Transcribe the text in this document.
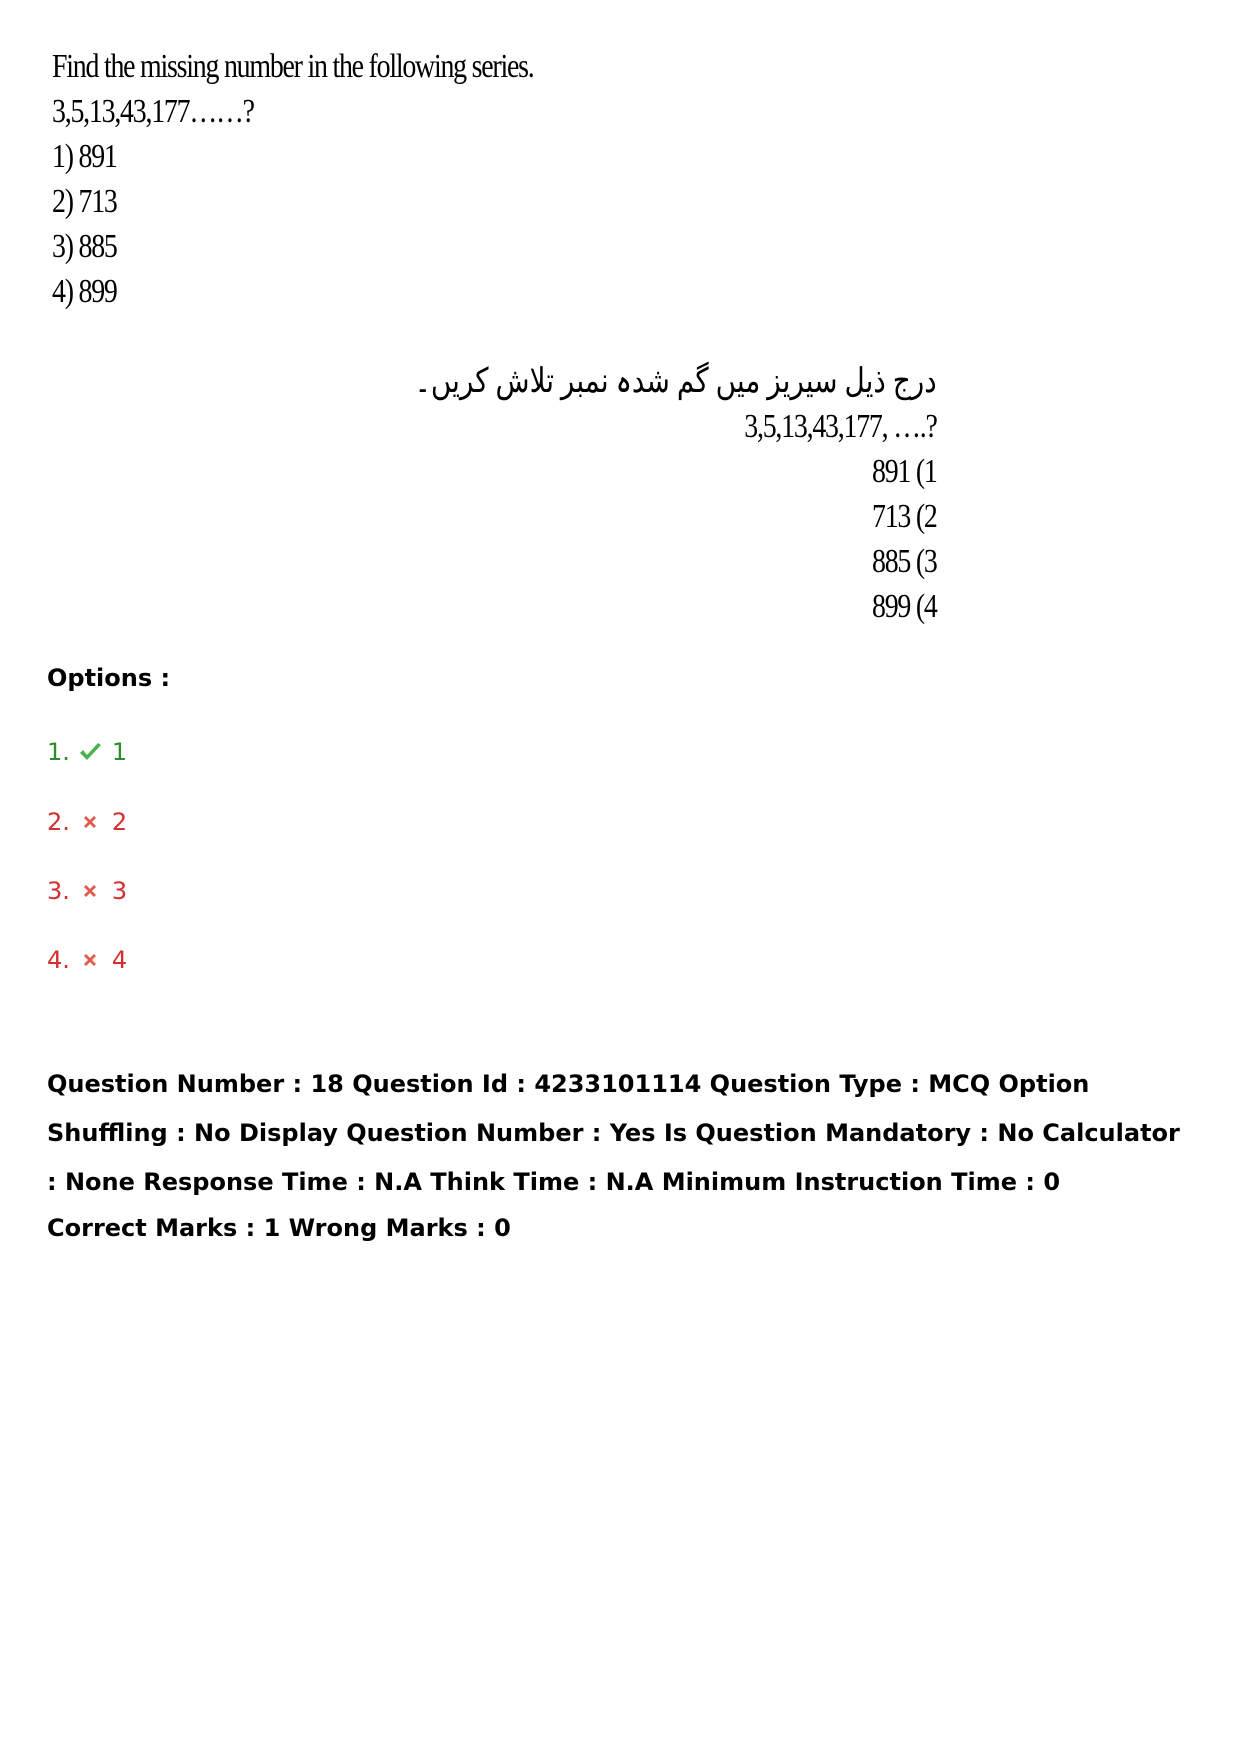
Find the missing number in the following series.
3,5,13,43,177……?
1) 891
2) 713
3) 885
4) 899
درج ذیل سیریز میں گم شدہ نمبر تلاش کریں۔
3,5,13,43,177, ….?
891 (1
713 (2
885 (3
899 (4
Options :
1. 1
2. 2
3. 3
4. 4
Question Number : 18 Question Id : 4233101114 Question Type : MCQ Option Shuffling : No Display Question Number : Yes Is Question Mandatory : No Calculator : None Response Time : N.A Think Time : N.A Minimum Instruction Time : 0
Correct Marks : 1 Wrong Marks : 0
